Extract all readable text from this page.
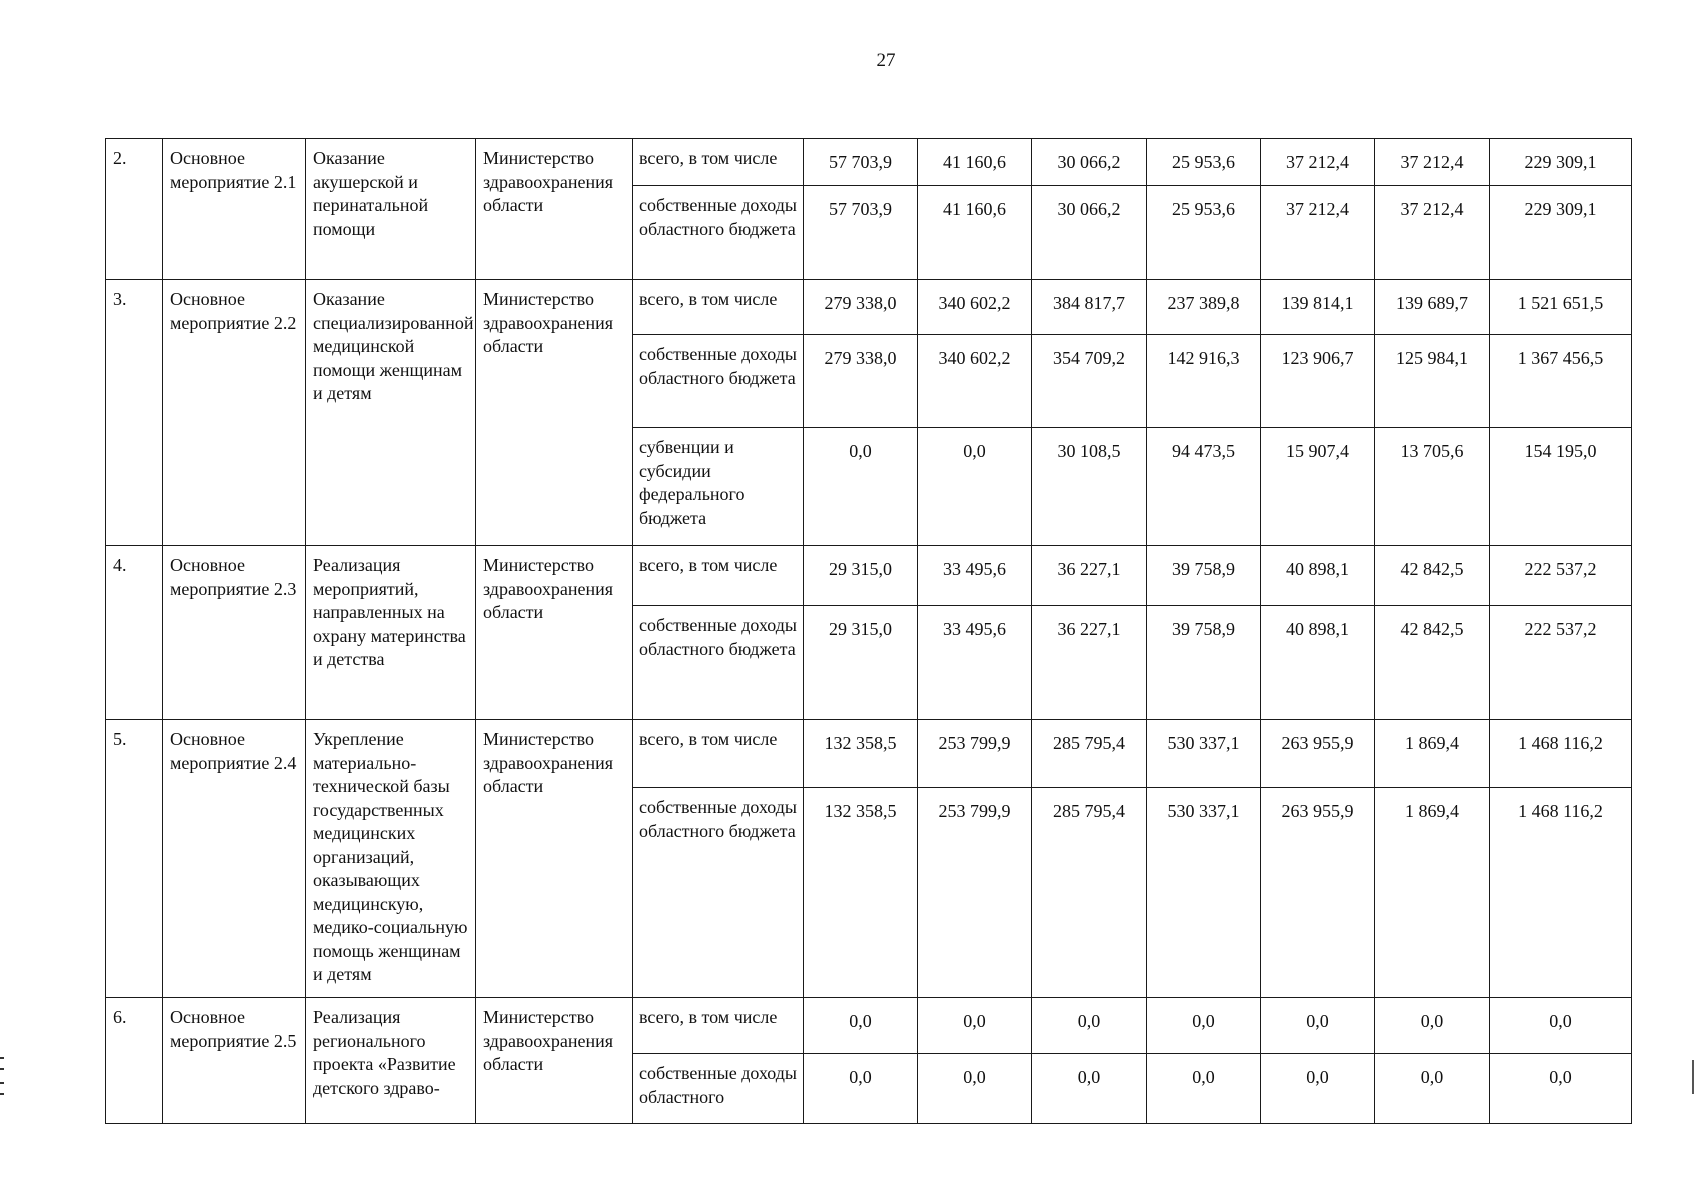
27
2.	Основное мероприятие 2.1	Оказание акушерской и перинатальной помощи	Министерство здравоохранения области	всего, в том числе	57 703,9	41 160,6	30 066,2	25 953,6	37 212,4	37 212,4	229 309,1
				собственные доходы областного бюджета	57 703,9	41 160,6	30 066,2	25 953,6	37 212,4	37 212,4	229 309,1
3.	Основное мероприятие 2.2	Оказание специализированной медицинской помощи женщинам и детям	Министерство здравоохранения области	всего, в том числе	279 338,0	340 602,2	384 817,7	237 389,8	139 814,1	139 689,7	1 521 651,5
				собственные доходы областного бюджета	279 338,0	340 602,2	354 709,2	142 916,3	123 906,7	125 984,1	1 367 456,5
				субвенции и субсидии федерального бюджета	0,0	0,0	30 108,5	94 473,5	15 907,4	13 705,6	154 195,0
4.	Основное мероприятие 2.3	Реализация мероприятий, направленных на охрану материнства и детства	Министерство здравоохранения области	всего, в том числе	29 315,0	33 495,6	36 227,1	39 758,9	40 898,1	42 842,5	222 537,2
				собственные доходы областного бюджета	29 315,0	33 495,6	36 227,1	39 758,9	40 898,1	42 842,5	222 537,2
5.	Основное мероприятие 2.4	Укрепление материально-технической базы государственных медицинских организаций, оказывающих медицинскую, медико-социальную помощь женщинам и детям	Министерство здравоохранения области	всего, в том числе	132 358,5	253 799,9	285 795,4	530 337,1	263 955,9	1 869,4	1 468 116,2
				собственные доходы областного бюджета	132 358,5	253 799,9	285 795,4	530 337,1	263 955,9	1 869,4	1 468 116,2
6.	Основное мероприятие 2.5	Реализация регионального проекта «Развитие детского здраво-	Министерство здравоохранения области	всего, в том числе	0,0	0,0	0,0	0,0	0,0	0,0	0,0
				собственные доходы областного	0,0	0,0	0,0	0,0	0,0	0,0	0,0
